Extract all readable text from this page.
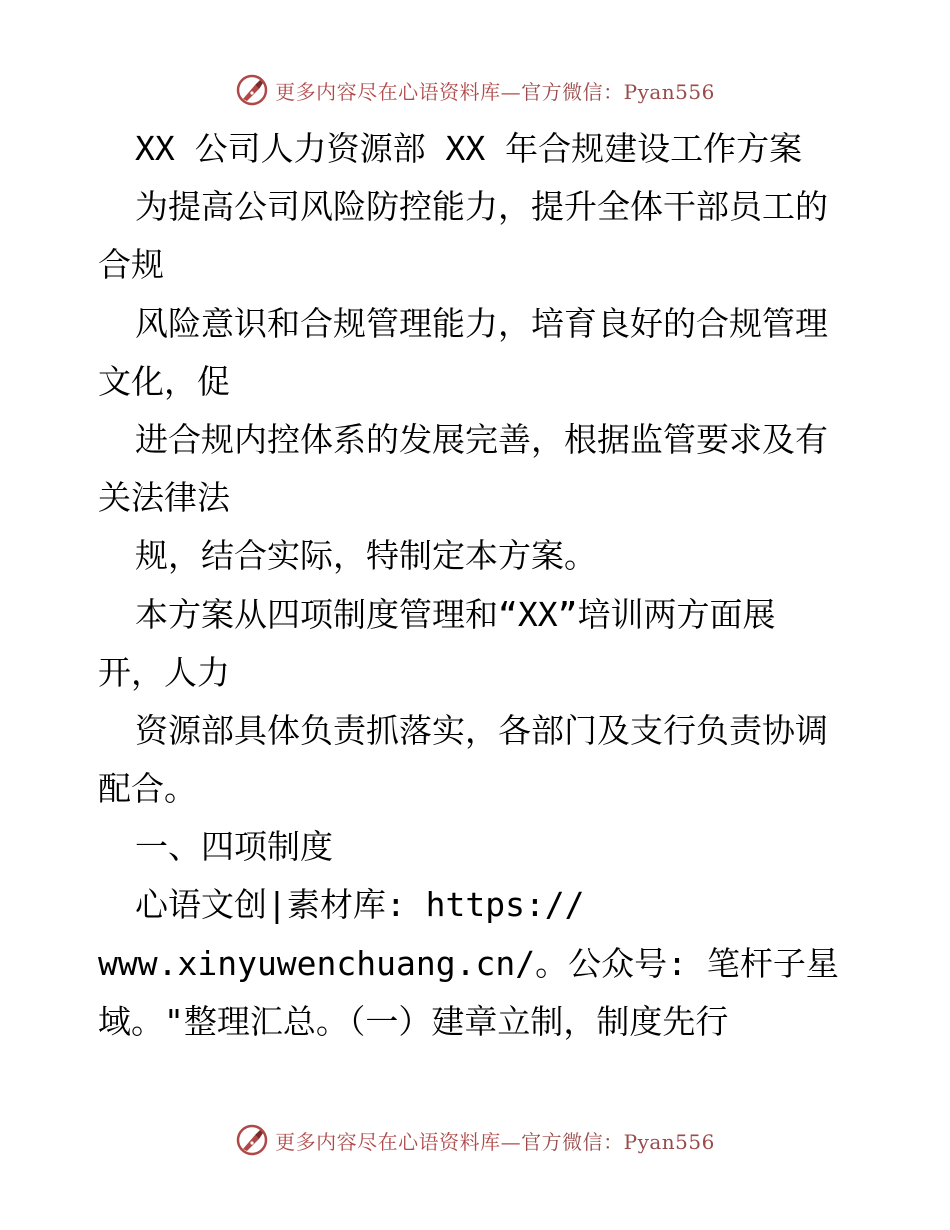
更多内容尽在心语资料库—官方微信：Pyan556
XX 公司人力资源部 XX 年合规建设工作方案
为提高公司风险防控能力，提升全体干部员工的
合规
风险意识和合规管理能力，培育良好的合规管理
文化，促
进合规内控体系的发展完善，根据监管要求及有
关法律法
规，结合实际，特制定本方案。
本方案从四项制度管理和“XX”培训两方面展
开，人力
资源部具体负责抓落实，各部门及支行负责协调
配合。
一、四项制度
心语文创|素材库: https://
www.xinyuwenchuang.cn/。公众号: 笔杆子星
域。"整理汇总。（一）建章立制，制度先行
更多内容尽在心语资料库—官方微信：Pyan556
